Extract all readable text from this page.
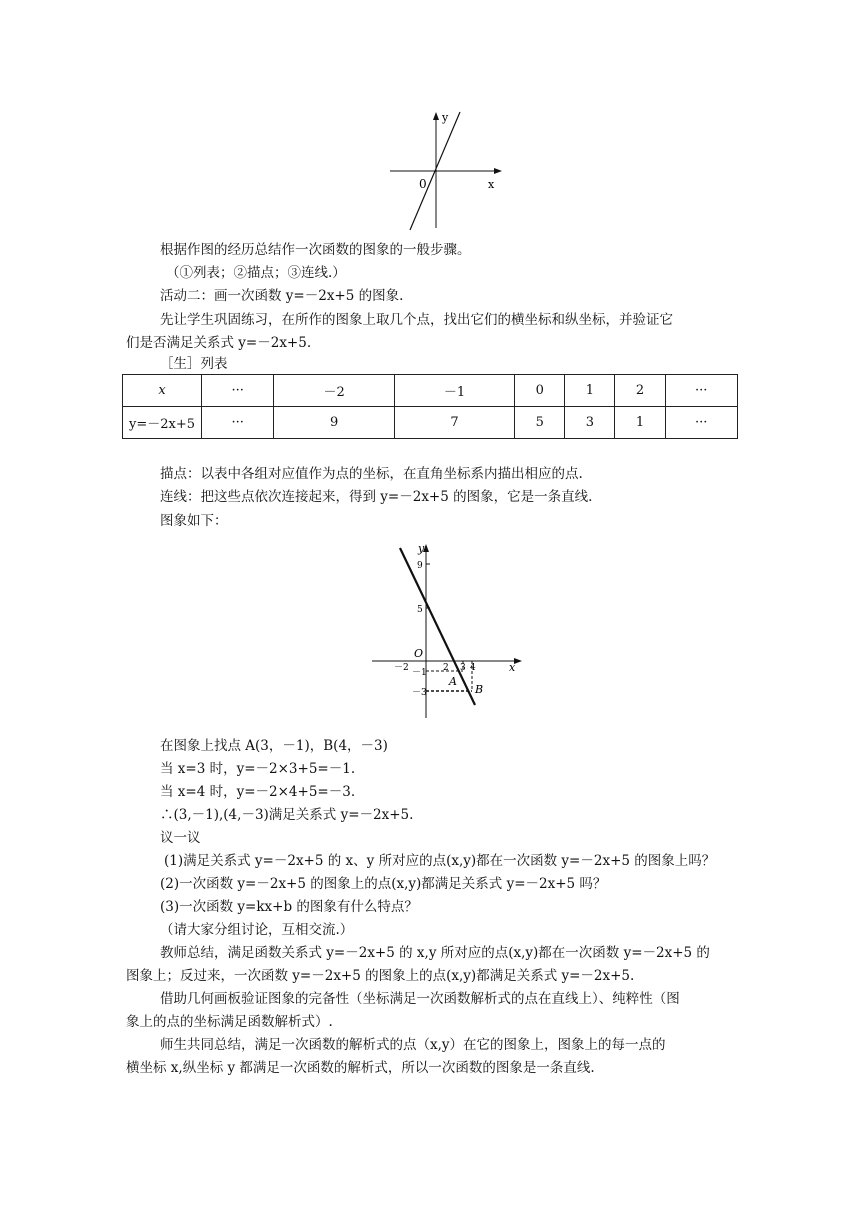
y
x
0
根据作图的经历总结作一次函数的图象的一般步骤。
（①列表；②描点；③连线.）
活动二：画一次函数 y=－2x+5 的图象.
先让学生巩固练习，在所作的图象上取几个点，找出它们的横坐标和纵坐标，并验证它
们是否满足关系式 y=－2x+5.
［生］列表
x	···	－2	－1	0	1	2	···
y=－2x+5	···	9	7	5	3	1	···
描点：以表中各组对应值作为点的坐标，在直角坐标系内描出相应的点.
连线：把这些点依次连接起来，得到 y=－2x+5 的图象，它是一条直线.
图象如下：
y
x
O
9
5
－1
－3
－2	2 3 4
A
B
在图象上找点 A(3，－1)，B(4，－3)
当 x=3 时，y=－2×3+5=－1.
当 x=4 时，y=－2×4+5=－3.
∴(3,－1),(4,－3)满足关系式 y=－2x+5.
议一议
(1)满足关系式 y=－2x+5 的 x、y 所对应的点(x,y)都在一次函数 y=－2x+5 的图象上吗？
(2)一次函数 y=－2x+5 的图象上的点(x,y)都满足关系式 y=－2x+5 吗？
(3)一次函数 y=kx+b 的图象有什么特点？
（请大家分组讨论，互相交流.）
教师总结，满足函数关系式 y=－2x+5 的 x,y 所对应的点(x,y)都在一次函数 y=－2x+5 的
图象上；反过来，一次函数 y=－2x+5 的图象上的点(x,y)都满足关系式 y=－2x+5.
借助几何画板验证图象的完备性（坐标满足一次函数解析式的点在直线上）、纯粹性（图
象上的点的坐标满足函数解析式）.
师生共同总结，满足一次函数的解析式的点（x,y）在它的图象上，图象上的每一点的
横坐标 x,纵坐标 y 都满足一次函数的解析式，所以一次函数的图象是一条直线.
